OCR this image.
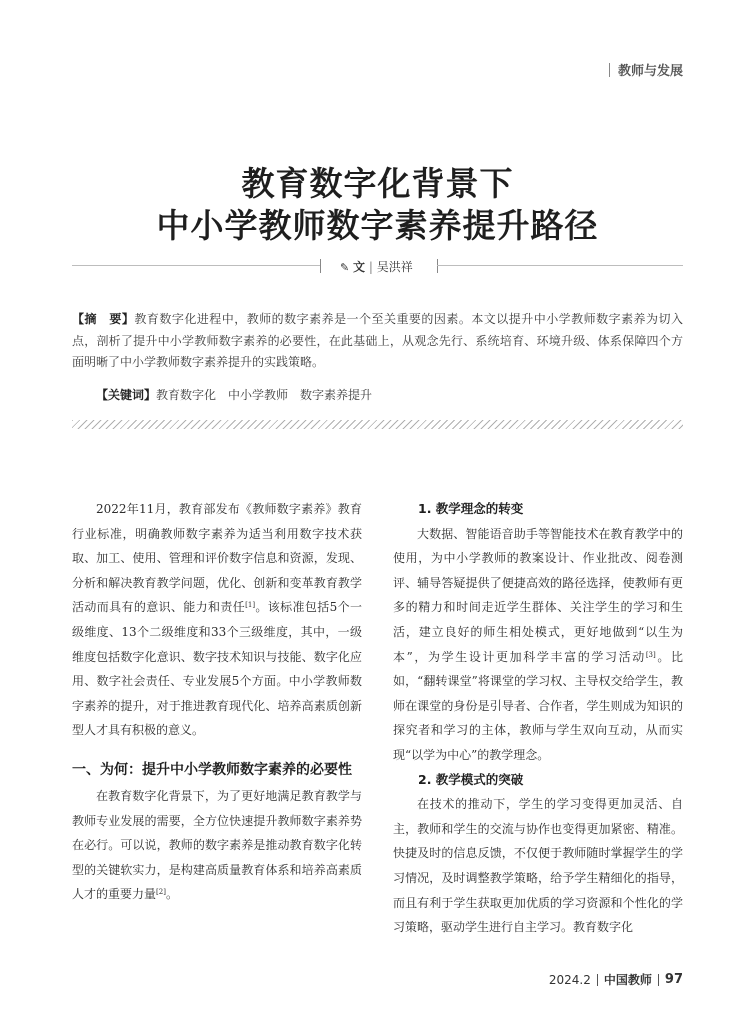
教师与发展
教育数字化背景下
中小学教师数字素养提升路径
✎ 文 | 吴洪祥
【摘　要】教育数字化进程中，教师的数字素养是一个至关重要的因素。本文以提升中小学教师数字素养为切入点，剖析了提升中小学教师数字素养的必要性，在此基础上，从观念先行、系统培育、环境升级、体系保障四个方面明晰了中小学教师数字素养提升的实践策略。
【关键词】教育数字化 中小学教师 数字素养提升

2022年11月，教育部发布《教师数字素养》教育行业标准，明确教师数字素养为适当利用数字技术获取、加工、使用、管理和评价数字信息和资源，发现、分析和解决教育教学问题，优化、创新和变革教育教学活动而具有的意识、能力和责任[1]。该标准包括5个一级维度、13个二级维度和33个三级维度，其中，一级维度包括数字化意识、数字技术知识与技能、数字化应用、数字社会责任、专业发展5个方面。中小学教师数字素养的提升，对于推进教育现代化、培养高素质创新型人才具有积极的意义。

一、为何：提升中小学教师数字素养的必要性

在教育数字化背景下，为了更好地满足教育教学与教师专业发展的需要，全方位快速提升教师数字素养势在必行。可以说，教师的数字素养是推动教育数字化转型的关键软实力，是构建高质量教育体系和培养高素质人才的重要力量[2]。

1. 教学理念的转变

大数据、智能语音助手等智能技术在教育教学中的使用，为中小学教师的教案设计、作业批改、阅卷测评、辅导答疑提供了便捷高效的路径选择，使教师有更多的精力和时间走近学生群体、关注学生的学习和生活，建立良好的师生相处模式，更好地做到“以生为本”，为学生设计更加科学丰富的学习活动[3]。比如，“翻转课堂”将课堂的学习权、主导权交给学生，教师在课堂的身份是引导者、合作者，学生则成为知识的探究者和学习的主体，教师与学生双向互动，从而实现“以学为中心”的教学理念。

2. 教学模式的突破

在技术的推动下，学生的学习变得更加灵活、自主，教师和学生的交流与协作也变得更加紧密、精准。快捷及时的信息反馈，不仅便于教师随时掌握学生的学习情况，及时调整教学策略，给予学生精细化的指导，而且有利于学生获取更加优质的学习资源和个性化的学习策略，驱动学生进行自主学习。教育数字化

2024.2 中国教师 97
